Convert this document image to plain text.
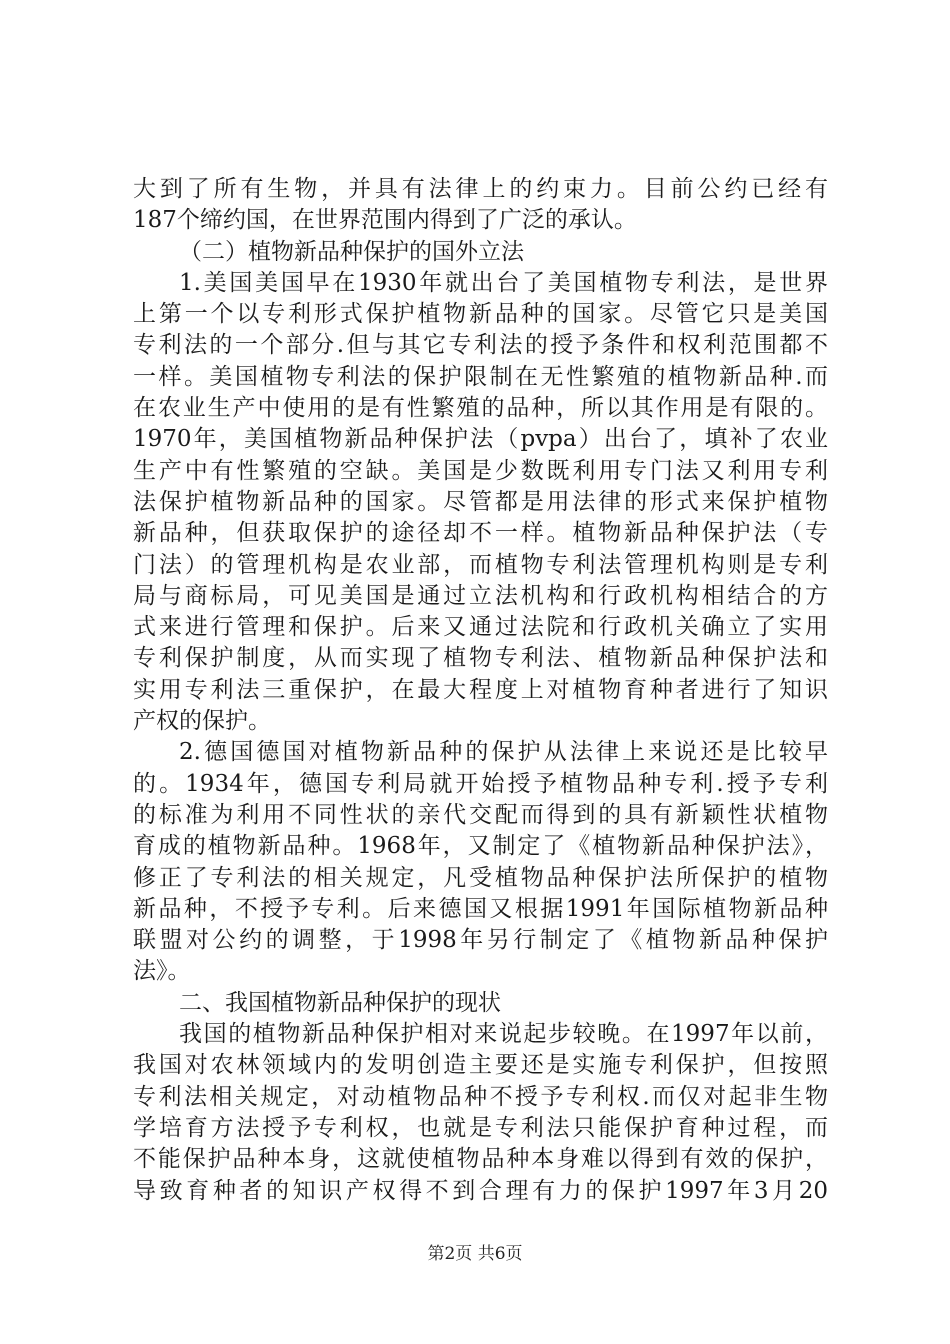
大到了所有生物，并具有法律上的约束力。目前公约已经有
187个缔约国，在世界范围内得到了广泛的承认。
（二）植物新品种保护的国外立法
1.美国美国早在1930年就出台了美国植物专利法，是世界
上第一个以专利形式保护植物新品种的国家。尽管它只是美国
专利法的一个部分.但与其它专利法的授予条件和权利范围都不
一样。美国植物专利法的保护限制在无性繁殖的植物新品种.而
在农业生产中使用的是有性繁殖的品种，所以其作用是有限的。
1970年，美国植物新品种保护法（pvpa）出台了，填补了农业
生产中有性繁殖的空缺。美国是少数既利用专门法又利用专利
法保护植物新品种的国家。尽管都是用法律的形式来保护植物
新品种，但获取保护的途径却不一样。植物新品种保护法（专
门法）的管理机构是农业部，而植物专利法管理机构则是专利
局与商标局，可见美国是通过立法机构和行政机构相结合的方
式来进行管理和保护。后来又通过法院和行政机关确立了实用
专利保护制度，从而实现了植物专利法、植物新品种保护法和
实用专利法三重保护，在最大程度上对植物育种者进行了知识
产权的保护。
2.德国德国对植物新品种的保护从法律上来说还是比较早
的。1934年，德国专利局就开始授予植物品种专利.授予专利
的标准为利用不同性状的亲代交配而得到的具有新颖性状植物
育成的植物新品种。1968年，又制定了《植物新品种保护法》，
修正了专利法的相关规定，凡受植物品种保护法所保护的植物
新品种，不授予专利。后来德国又根据1991年国际植物新品种
联盟对公约的调整，于1998年另行制定了《植物新品种保护
法》。
二、我国植物新品种保护的现状
我国的植物新品种保护相对来说起步较晚。在1997年以前，
我国对农林领域内的发明创造主要还是实施专利保护，但按照
专利法相关规定，对动植物品种不授予专利权.而仅对起非生物
学培育方法授予专利权，也就是专利法只能保护育种过程，而
不能保护品种本身，这就使植物品种本身难以得到有效的保护，
导致育种者的知识产权得不到合理有力的保护1997年3月20
第2页 共6页
